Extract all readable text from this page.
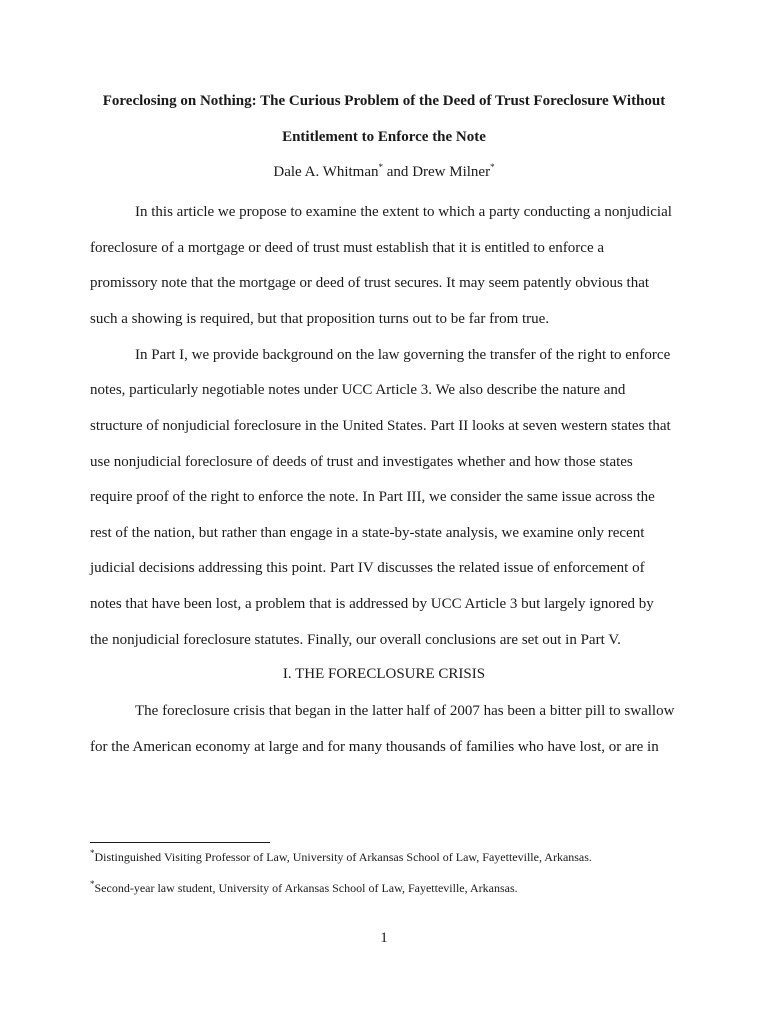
Foreclosing on Nothing: The Curious Problem of the Deed of Trust Foreclosure Without
Entitlement to Enforce the Note
Dale A. Whitman* and Drew Milner*
In this article we propose to examine the extent to which a party conducting a nonjudicial
foreclosure of a mortgage or deed of trust must establish that it is entitled to enforce a
promissory note that the mortgage or deed of trust secures. It may seem patently obvious that
such a showing is required, but that proposition turns out to be far from true.
In Part I, we provide background on the law governing the transfer of the right to enforce
notes, particularly negotiable notes under UCC Article 3. We also describe the nature and
structure of nonjudicial foreclosure in the United States. Part II looks at seven western states that
use nonjudicial foreclosure of deeds of trust and investigates whether and how those states
require proof of the right to enforce the note. In Part III, we consider the same issue across the
rest of the nation, but rather than engage in a state-by-state analysis, we examine only recent
judicial decisions addressing this point. Part IV discusses the related issue of enforcement of
notes that have been lost, a problem that is addressed by UCC Article 3 but largely ignored by
the nonjudicial foreclosure statutes. Finally, our overall conclusions are set out in Part V.
I. THE FORECLOSURE CRISIS
The foreclosure crisis that began in the latter half of 2007 has been a bitter pill to swallow
for the American economy at large and for many thousands of families who have lost, or are in
*Distinguished Visiting Professor of Law, University of Arkansas School of Law, Fayetteville, Arkansas.
*Second-year law student, University of Arkansas School of Law, Fayetteville, Arkansas.
1
